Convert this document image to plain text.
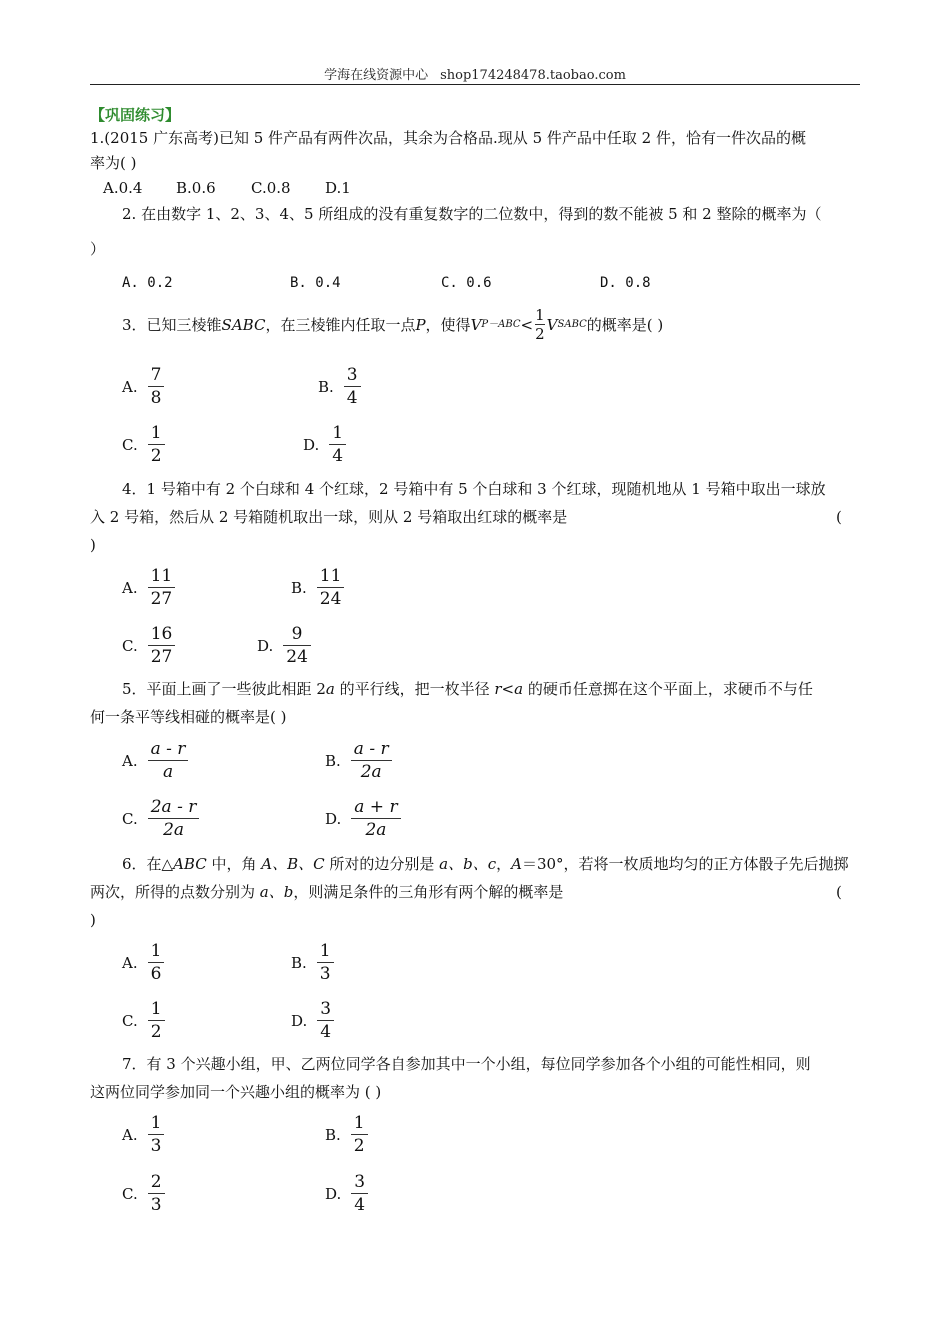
学海在线资源中心 shop174248478.taobao.com
【巩固练习】
1.(2015 广东高考)已知 5 件产品有两件次品，其余为合格品.现从 5 件产品中任取 2 件，恰有一件次品的概
率为( )
A.0.4 B.0.6 C.0.8 D.1
2. 在由数字 1、2、3、4、5 所组成的没有重复数字的二位数中，得到的数不能被 5 和 2 整除的概率为（
）
A. 0.2	B. 0.4	C. 0.6	D. 0.8
3．已知三棱锥 SABC ，在三棱锥内任取一点 P ，使得 V P－ABC <
1
2
V SABC 的概率是( )
A. $\frac{7}{8}$	B. $\frac{3}{4}$
C. $\frac{1}{2}$	D. $\frac{1}{4}$
4．1 号箱中有 2 个白球和 4 个红球，2 号箱中有 5 个白球和 3 个红球，现随机地从 1 号箱中取出一球放
入 2 号箱，然后从 2 号箱随机取出一球，则从 2 号箱取出红球的概率是	(
)
A. $\frac{11}{27}$	B. $\frac{11}{24}$
C. $\frac{16}{27}$	D. $\frac{9}{24}$
5．平面上画了一些彼此相距 2a 的平行线，把一枚半径 r<a 的硬币任意掷在这个平面上，求硬币不与任
何一条平等线相碰的概率是( )
A. $\frac{a - r}{a}$	B. $\frac{a - r}{2a}$
C. $\frac{2a - r}{2a}$	D. $\frac{a + r}{2a}$
6．在△ABC 中，角 A、B、C 所对的边分别是 a、b、c，A＝30°，若将一枚质地均匀的正方体骰子先后抛掷
两次，所得的点数分别为 a、b，则满足条件的三角形有两个解的概率是	(
)
A. $\frac{1}{6}$	B. $\frac{1}{3}$
C. $\frac{1}{2}$	D. $\frac{3}{4}$
7．有 3 个兴趣小组，甲、乙两位同学各自参加其中一个小组，每位同学参加各个小组的可能性相同，则
这两位同学参加同一个兴趣小组的概率为 ( )
A. $\frac{1}{3}$	B. $\frac{1}{2}$
C. $\frac{2}{3}$	D. $\frac{3}{4}$
